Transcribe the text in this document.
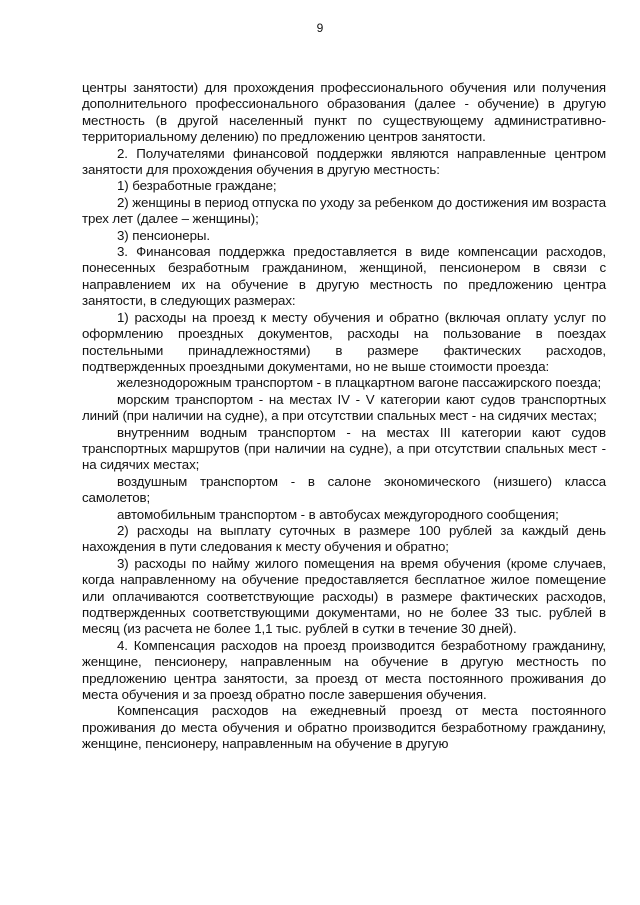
9

центры занятости) для прохождения профессионального обучения или получения дополнительного профессионального образования (далее - обучение) в другую местность (в другой населенный пункт по существующему административно-территориальному делению) по предложению центров занятости.

2. Получателями финансовой поддержки являются направленные центром занятости для прохождения обучения в другую местность:

1) безработные граждане;

2) женщины в период отпуска по уходу за ребенком до достижения им возраста трех лет (далее – женщины);

3) пенсионеры.

3. Финансовая поддержка предоставляется в виде компенсации расходов, понесенных безработным гражданином, женщиной, пенсионером в связи с направлением их на обучение в другую местность по предложению центра занятости, в следующих размерах:

1) расходы на проезд к месту обучения и обратно (включая оплату услуг по оформлению проездных документов, расходы на пользование в поездах постельными принадлежностями) в размере фактических расходов, подтвержденных проездными документами, но не выше стоимости проезда:

железнодорожным транспортом - в плацкартном вагоне пассажирского поезда;

морским транспортом - на местах IV - V категории кают судов транспортных линий (при наличии на судне), а при отсутствии спальных мест - на сидячих местах;

внутренним водным транспортом - на местах III категории кают судов транспортных маршрутов (при наличии на судне), а при отсутствии спальных мест - на сидячих местах;

воздушным транспортом - в салоне экономического (низшего) класса самолетов;

автомобильным транспортом - в автобусах междугородного сообщения;

2) расходы на выплату суточных в размере 100 рублей за каждый день нахождения в пути следования к месту обучения и обратно;

3) расходы по найму жилого помещения на время обучения (кроме случаев, когда направленному на обучение предоставляется бесплатное жилое помещение или оплачиваются соответствующие расходы) в размере фактических расходов, подтвержденных соответствующими документами, но не более 33 тыс. рублей в месяц (из расчета не более 1,1 тыс. рублей в сутки в течение 30 дней).

4. Компенсация расходов на проезд производится безработному гражданину, женщине, пенсионеру, направленным на обучение в другую местность по предложению центра занятости, за проезд от места постоянного проживания до места обучения и за проезд обратно после завершения обучения.

Компенсация расходов на ежедневный проезд от места постоянного проживания до места обучения и обратно производится безработному гражданину, женщине, пенсионеру, направленным на обучение в другую
